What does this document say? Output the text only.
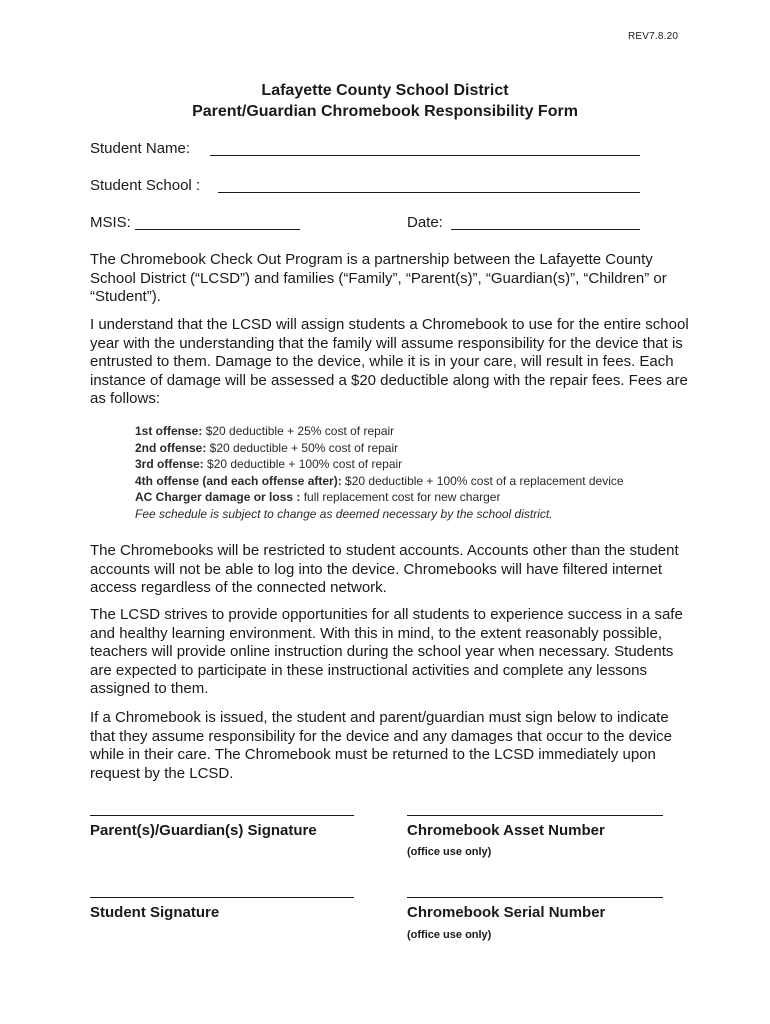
REV7.8.20
Lafayette County School District
Parent/Guardian Chromebook Responsibility Form
Student Name:
Student School :
MSIS:	Date:

The Chromebook Check Out Program is a partnership between the Lafayette County School District (“LCSD”) and families (“Family”, “Parent(s)”, “Guardian(s)”, “Children” or “Student”).

I understand that the LCSD will assign students a Chromebook to use for the entire school year with the understanding that the family will assume responsibility for the device that is entrusted to them. Damage to the device, while it is in your care, will result in fees. Each instance of damage will be assessed a $20 deductible along with the repair fees. Fees are as follows:

1st offense: $20 deductible + 25% cost of repair
2nd offense: $20 deductible + 50% cost of repair
3rd offense: $20 deductible + 100% cost of repair
4th offense (and each offense after): $20 deductible + 100% cost of a replacement device
AC Charger damage or loss : full replacement cost for new charger
Fee schedule is subject to change as deemed necessary by the school district.

The Chromebooks will be restricted to student accounts. Accounts other than the student accounts will not be able to log into the device. Chromebooks will have filtered internet access regardless of the connected network.

The LCSD strives to provide opportunities for all students to experience success in a safe and healthy learning environment. With this in mind, to the extent reasonably possible, teachers will provide online instruction during the school year when necessary. Students are expected to participate in these instructional activities and complete any lessons assigned to them.

If a Chromebook is issued, the student and parent/guardian must sign below to indicate that they assume responsibility for the device and any damages that occur to the device while in their care. The Chromebook must be returned to the LCSD immediately upon request by the LCSD.

Parent(s)/Guardian(s) Signature	Chromebook Asset Number
(office use only)
Student Signature	Chromebook Serial Number
(office use only)
